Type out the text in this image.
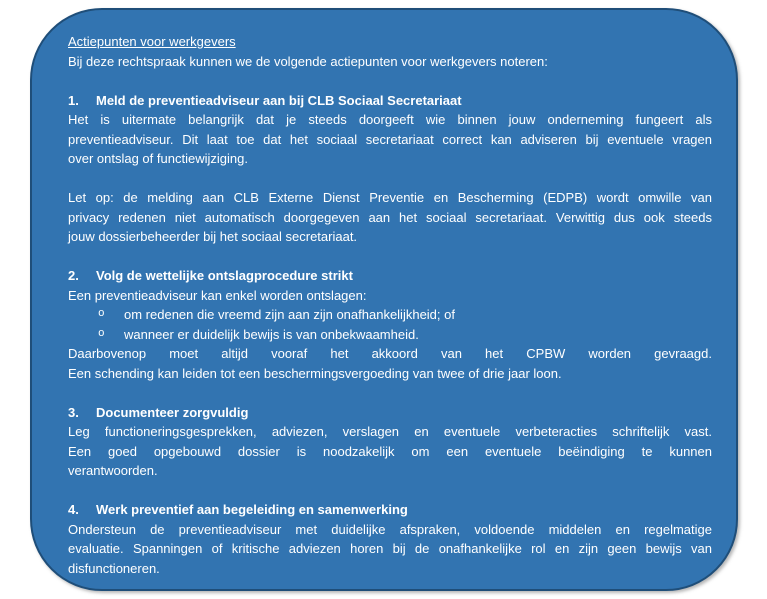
Actiepunten voor werkgevers
Bij deze rechtspraak kunnen we de volgende actiepunten voor werkgevers noteren:
1.	Meld de preventieadviseur aan bij CLB Sociaal Secretariaat
Het is uitermate belangrijk dat je steeds doorgeeft wie binnen jouw onderneming fungeert als
preventieadviseur. Dit laat toe dat het sociaal secretariaat correct kan adviseren bij eventuele vragen
over ontslag of functiewijziging.
Let op: de melding aan CLB Externe Dienst Preventie en Bescherming (EDPB) wordt omwille van
privacy redenen niet automatisch doorgegeven aan het sociaal secretariaat. Verwittig dus ook steeds
jouw dossierbeheerder bij het sociaal secretariaat.
2.	Volg de wettelijke ontslagprocedure strikt
Een preventieadviseur kan enkel worden ontslagen:
o	om redenen die vreemd zijn aan zijn onafhankelijkheid; of
o	wanneer er duidelijk bewijs is van onbekwaamheid.
Daarbovenop moet altijd vooraf het akkoord van het CPBW worden gevraagd.
Een schending kan leiden tot een beschermingsvergoeding van twee of drie jaar loon.
3.	Documenteer zorgvuldig
Leg functioneringsgesprekken, adviezen, verslagen en eventuele verbeteracties schriftelijk vast.
Een goed opgebouwd dossier is noodzakelijk om een eventuele beëindiging te kunnen
verantwoorden.
4.	Werk preventief aan begeleiding en samenwerking
Ondersteun de preventieadviseur met duidelijke afspraken, voldoende middelen en regelmatige
evaluatie. Spanningen of kritische adviezen horen bij de onafhankelijke rol en zijn geen bewijs van
disfunctioneren.
